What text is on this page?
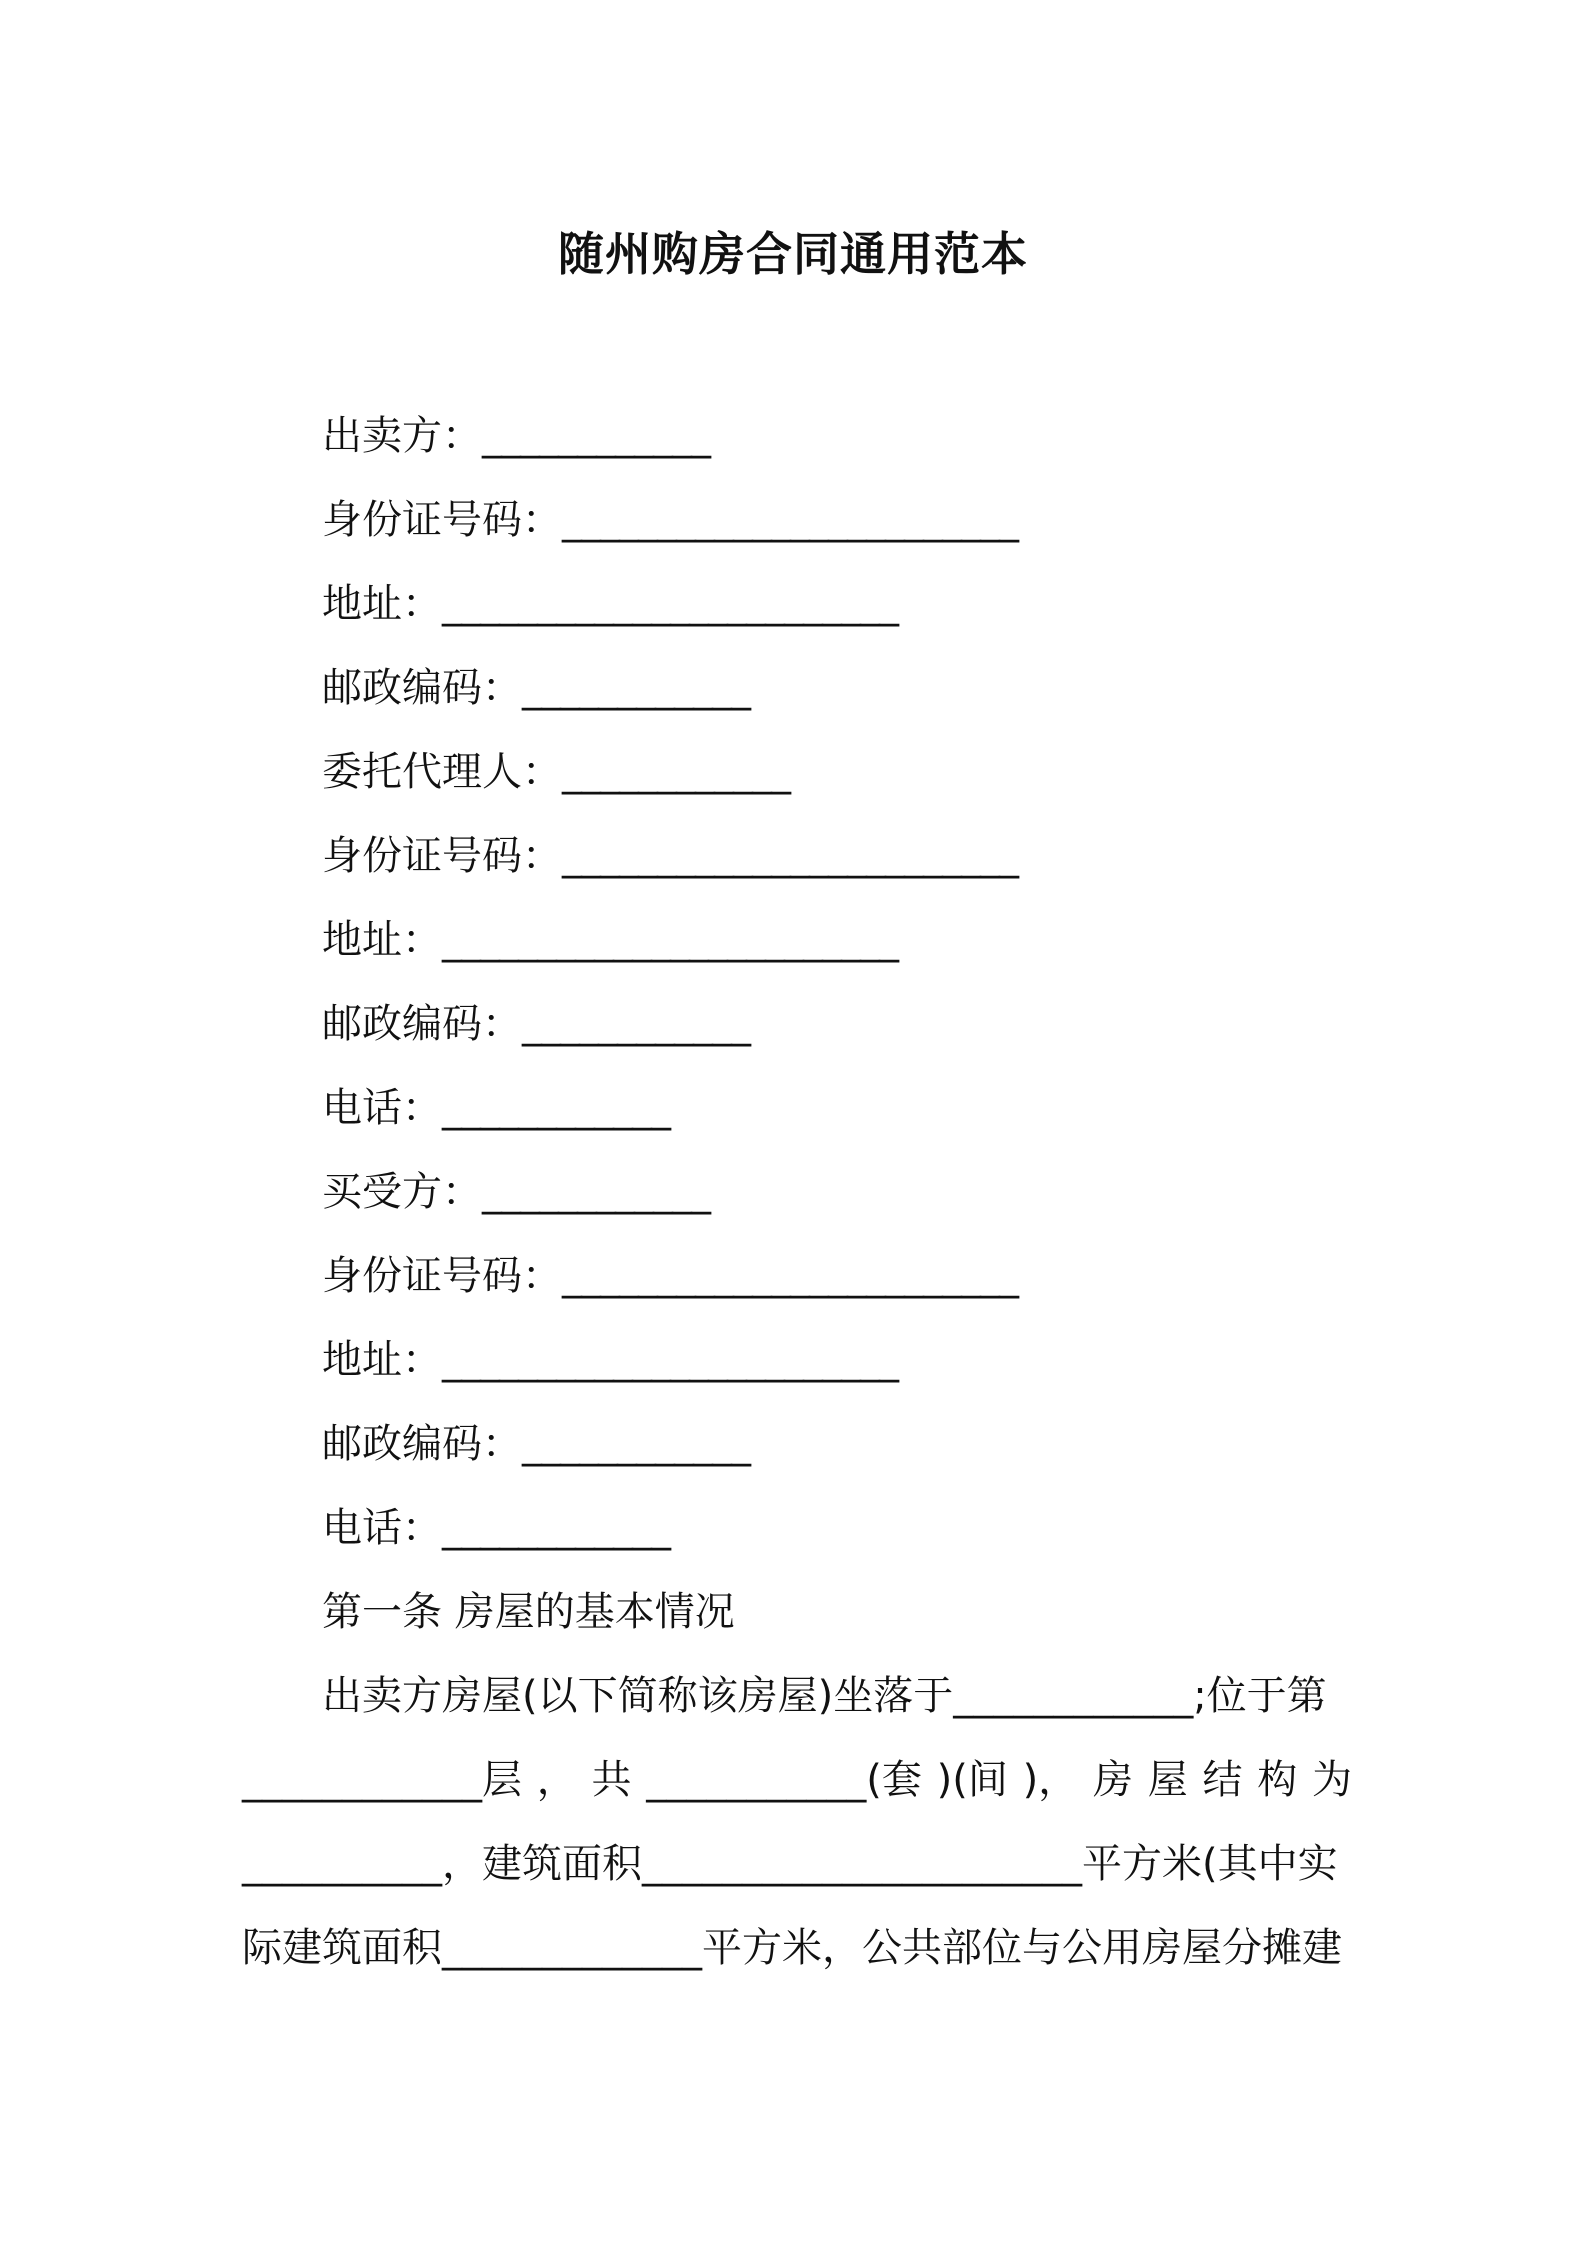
随州购房合同通用范本
出卖方：____________
身份证号码：________________________
地址：________________________
邮政编码：____________
委托代理人：____________
身份证号码：________________________
地址：________________________
邮政编码：____________
电话：____________
买受方：____________
身份证号码：________________________
地址：________________________
邮政编码：____________
电话：____________
第一条 房屋的基本情况
出卖方房屋(以下简称该房屋)坐落于____________;位于第
____________层 ， 共 ___________(套 )(间 )， 房 屋 结 构 为
__________，建筑面积______________________平方米(其中实
际建筑面积_____________平方米，公共部位与公用房屋分摊建
